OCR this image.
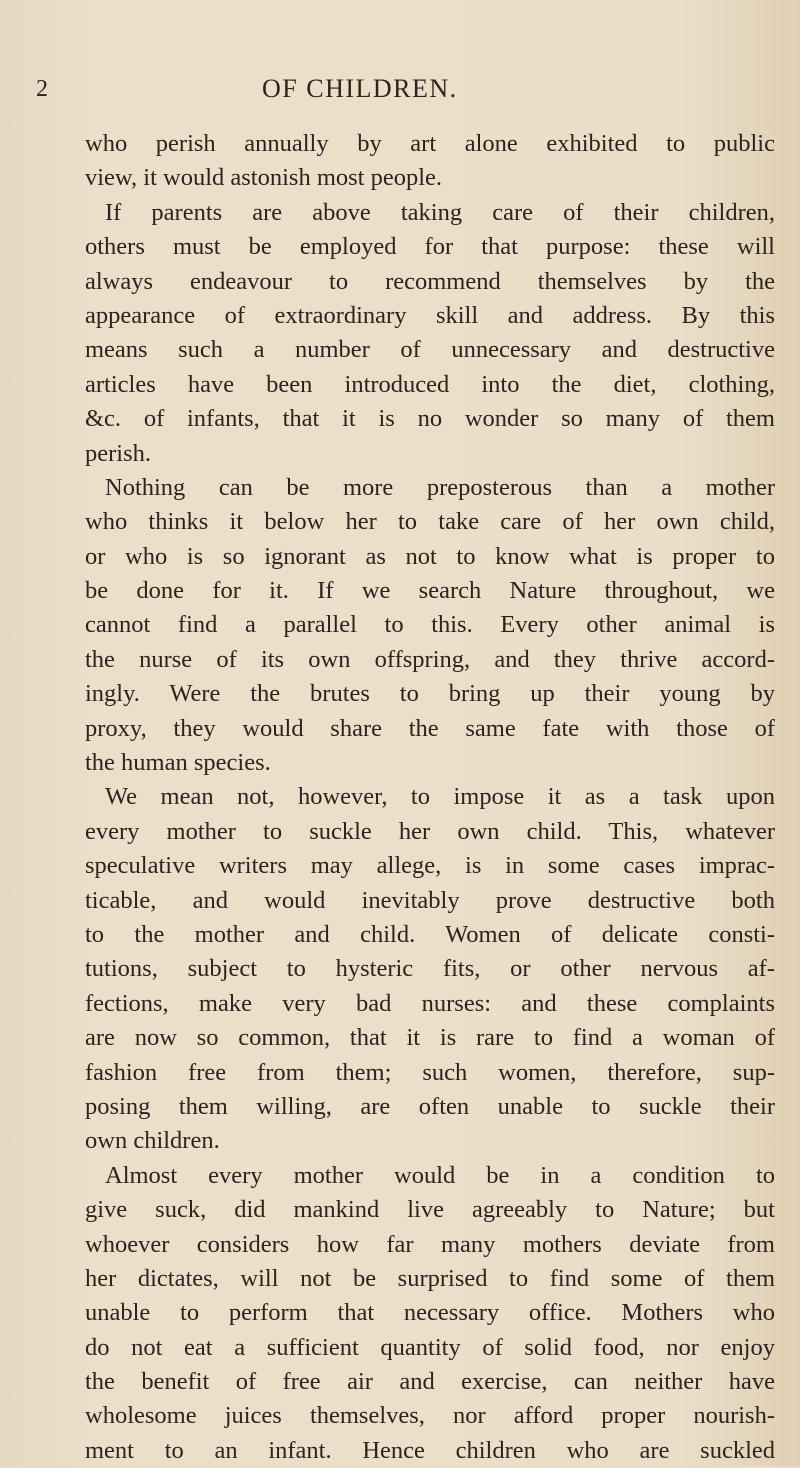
2	OF CHILDREN.
who perish annually by art alone exhibited to public
view, it would astonish most people.
If parents are above taking care of their children,
others must be employed for that purpose: these will
always endeavour to recommend themselves by the
appearance of extraordinary skill and address. By this
means such a number of unnecessary and destructive
articles have been introduced into the diet, clothing,
&c. of infants, that it is no wonder so many of them
perish.
Nothing can be more preposterous than a mother
who thinks it below her to take care of her own child,
or who is so ignorant as not to know what is proper to
be done for it. If we search Nature throughout, we
cannot find a parallel to this. Every other animal is
the nurse of its own offspring, and they thrive accord-
ingly. Were the brutes to bring up their young by
proxy, they would share the same fate with those of
the human species.
We mean not, however, to impose it as a task upon
every mother to suckle her own child. This, whatever
speculative writers may allege, is in some cases imprac-
ticable, and would inevitably prove destructive both
to the mother and child. Women of delicate consti-
tutions, subject to hysteric fits, or other nervous af-
fections, make very bad nurses: and these complaints
are now so common, that it is rare to find a woman of
fashion free from them; such women, therefore, sup-
posing them willing, are often unable to suckle their
own children.
Almost every mother would be in a condition to
give suck, did mankind live agreeably to Nature; but
whoever considers how far many mothers deviate from
her dictates, will not be surprised to find some of them
unable to perform that necessary office. Mothers who
do not eat a sufficient quantity of solid food, nor enjoy
the benefit of free air and exercise, can neither have
wholesome juices themselves, nor afford proper nourish-
ment to an infant. Hence children who are suckled
